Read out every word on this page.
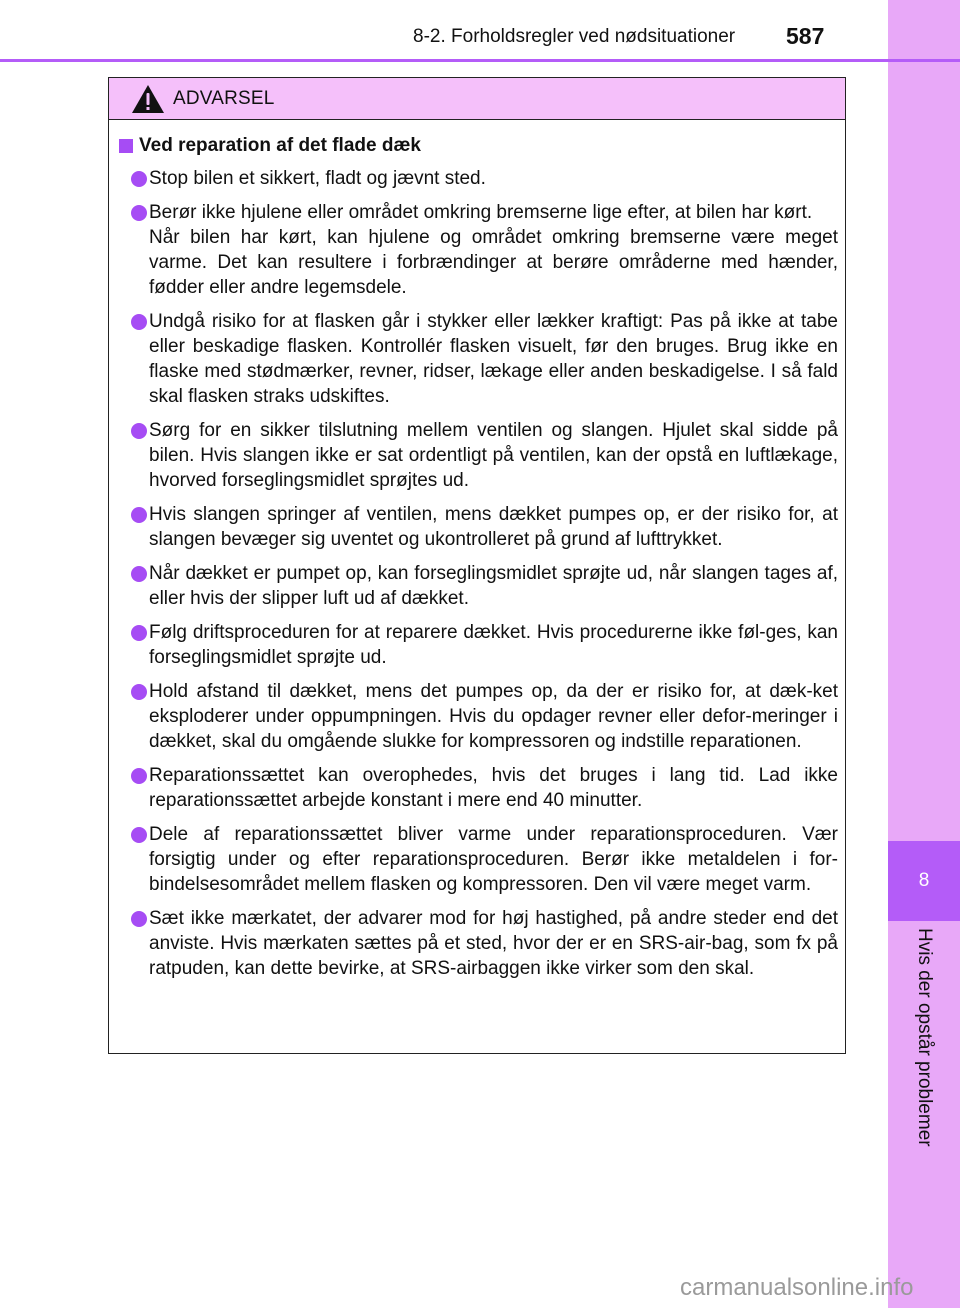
8
Hvis der opstår problemer
8-2. Forholdsregler ved nødsituationer 587
ADVARSEL
Ved reparation af det flade dæk
Stop bilen et sikkert, fladt og jævnt sted.
Berør ikke hjulene eller området omkring bremserne lige efter, at bilen har kørt.
Når bilen har kørt, kan hjulene og området omkring bremserne være meget varme. Det kan resultere i forbrændinger at berøre områderne med hænder, fødder eller andre legemsdele.
Undgå risiko for at flasken går i stykker eller lækker kraftigt: Pas på ikke at tabe eller beskadige flasken. Kontrollér flasken visuelt, før den bruges. Brug ikke en flaske med stødmærker, revner, ridser, lækage eller anden beskadigelse. I så fald skal flasken straks udskiftes.
Sørg for en sikker tilslutning mellem ventilen og slangen. Hjulet skal sidde på bilen. Hvis slangen ikke er sat ordentligt på ventilen, kan der opstå en luftlækage, hvorved forseglingsmidlet sprøjtes ud.
Hvis slangen springer af ventilen, mens dækket pumpes op, er der risiko for, at slangen bevæger sig uventet og ukontrolleret på grund af lufttrykket.
Når dækket er pumpet op, kan forseglingsmidlet sprøjte ud, når slangen tages af, eller hvis der slipper luft ud af dækket.
Følg driftsproceduren for at reparere dækket. Hvis procedurerne ikke føl-ges, kan forseglingsmidlet sprøjte ud.
Hold afstand til dækket, mens det pumpes op, da der er risiko for, at dæk-ket eksploderer under oppumpningen. Hvis du opdager revner eller defor-meringer i dækket, skal du omgående slukke for kompressoren og indstille reparationen.
Reparationssættet kan overophedes, hvis det bruges i lang tid. Lad ikke reparationssættet arbejde konstant i mere end 40 minutter.
Dele af reparationssættet bliver varme under reparationsproceduren. Vær forsigtig under og efter reparationsproceduren. Berør ikke metaldelen i for-bindelsesområdet mellem flasken og kompressoren. Den vil være meget varm.
Sæt ikke mærkatet, der advarer mod for høj hastighed, på andre steder end det anviste. Hvis mærkaten sættes på et sted, hvor der er en SRS-air-bag, som fx på ratpuden, kan dette bevirke, at SRS-airbaggen ikke virker som den skal.
carmanualsonline.info
